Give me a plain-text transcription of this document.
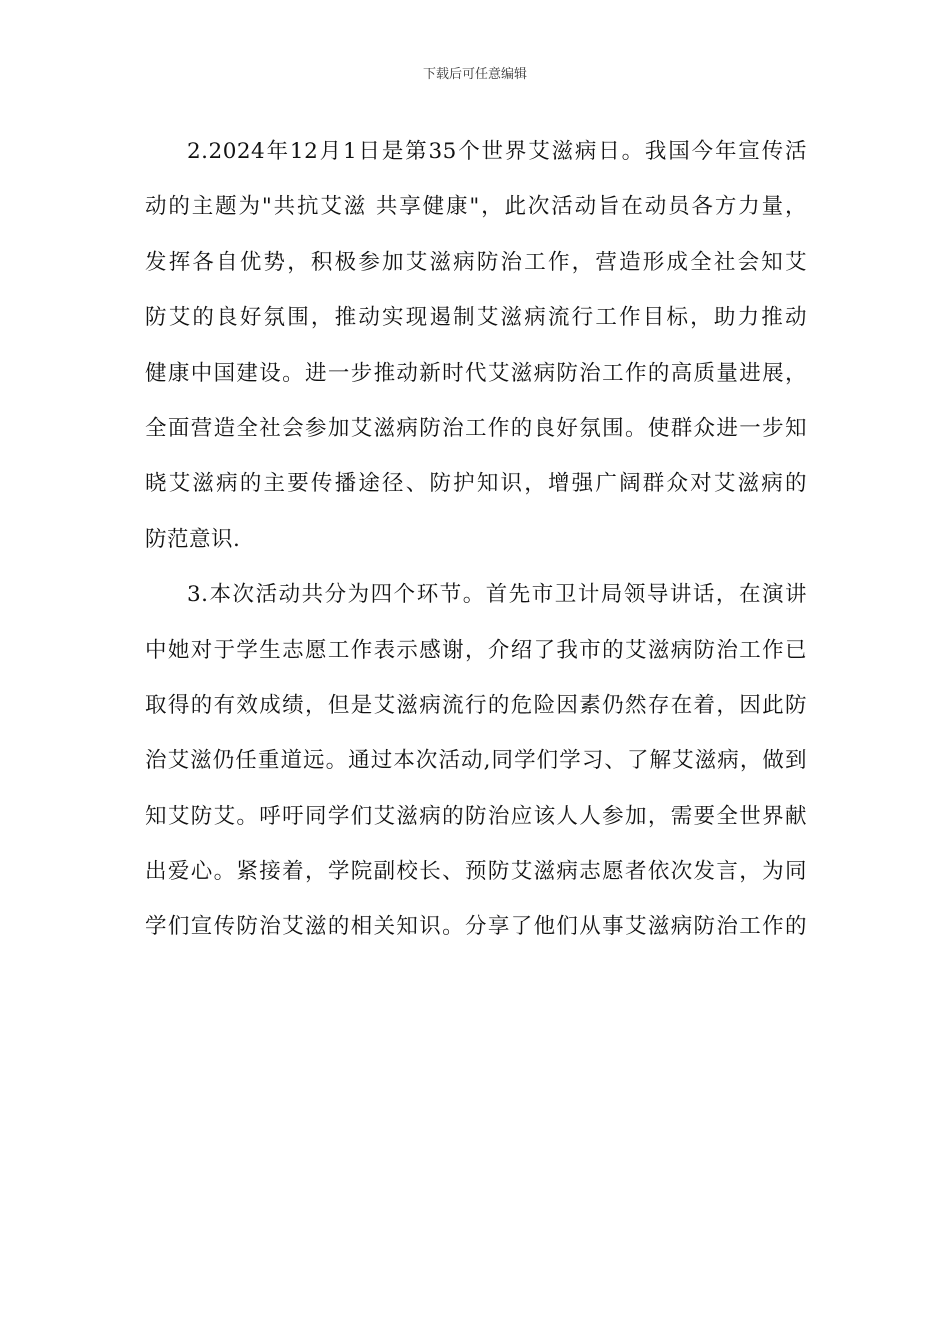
下载后可任意编辑
2.2024年12月1日是第35个世界艾滋病日。我国今年宣传活
动的主题为"共抗艾滋 共享健康"，此次活动旨在动员各方力量，
发挥各自优势，积极参加艾滋病防治工作，营造形成全社会知艾
防艾的良好氛围，推动实现遏制艾滋病流行工作目标，助力推动
健康中国建设。进一步推动新时代艾滋病防治工作的高质量进展，
全面营造全社会参加艾滋病防治工作的良好氛围。使群众进一步知
晓艾滋病的主要传播途径、防护知识，增强广阔群众对艾滋病的
防范意识.
3.本次活动共分为四个环节。首先市卫计局领导讲话，在演讲
中她对于学生志愿工作表示感谢，介绍了我市的艾滋病防治工作已
取得的有效成绩，但是艾滋病流行的危险因素仍然存在着，因此防
治艾滋仍任重道远。通过本次活动,同学们学习、了解艾滋病，做到
知艾防艾。呼吁同学们艾滋病的防治应该人人参加，需要全世界献
出爱心。紧接着，学院副校长、预防艾滋病志愿者依次发言，为同
学们宣传防治艾滋的相关知识。分享了他们从事艾滋病防治工作的
